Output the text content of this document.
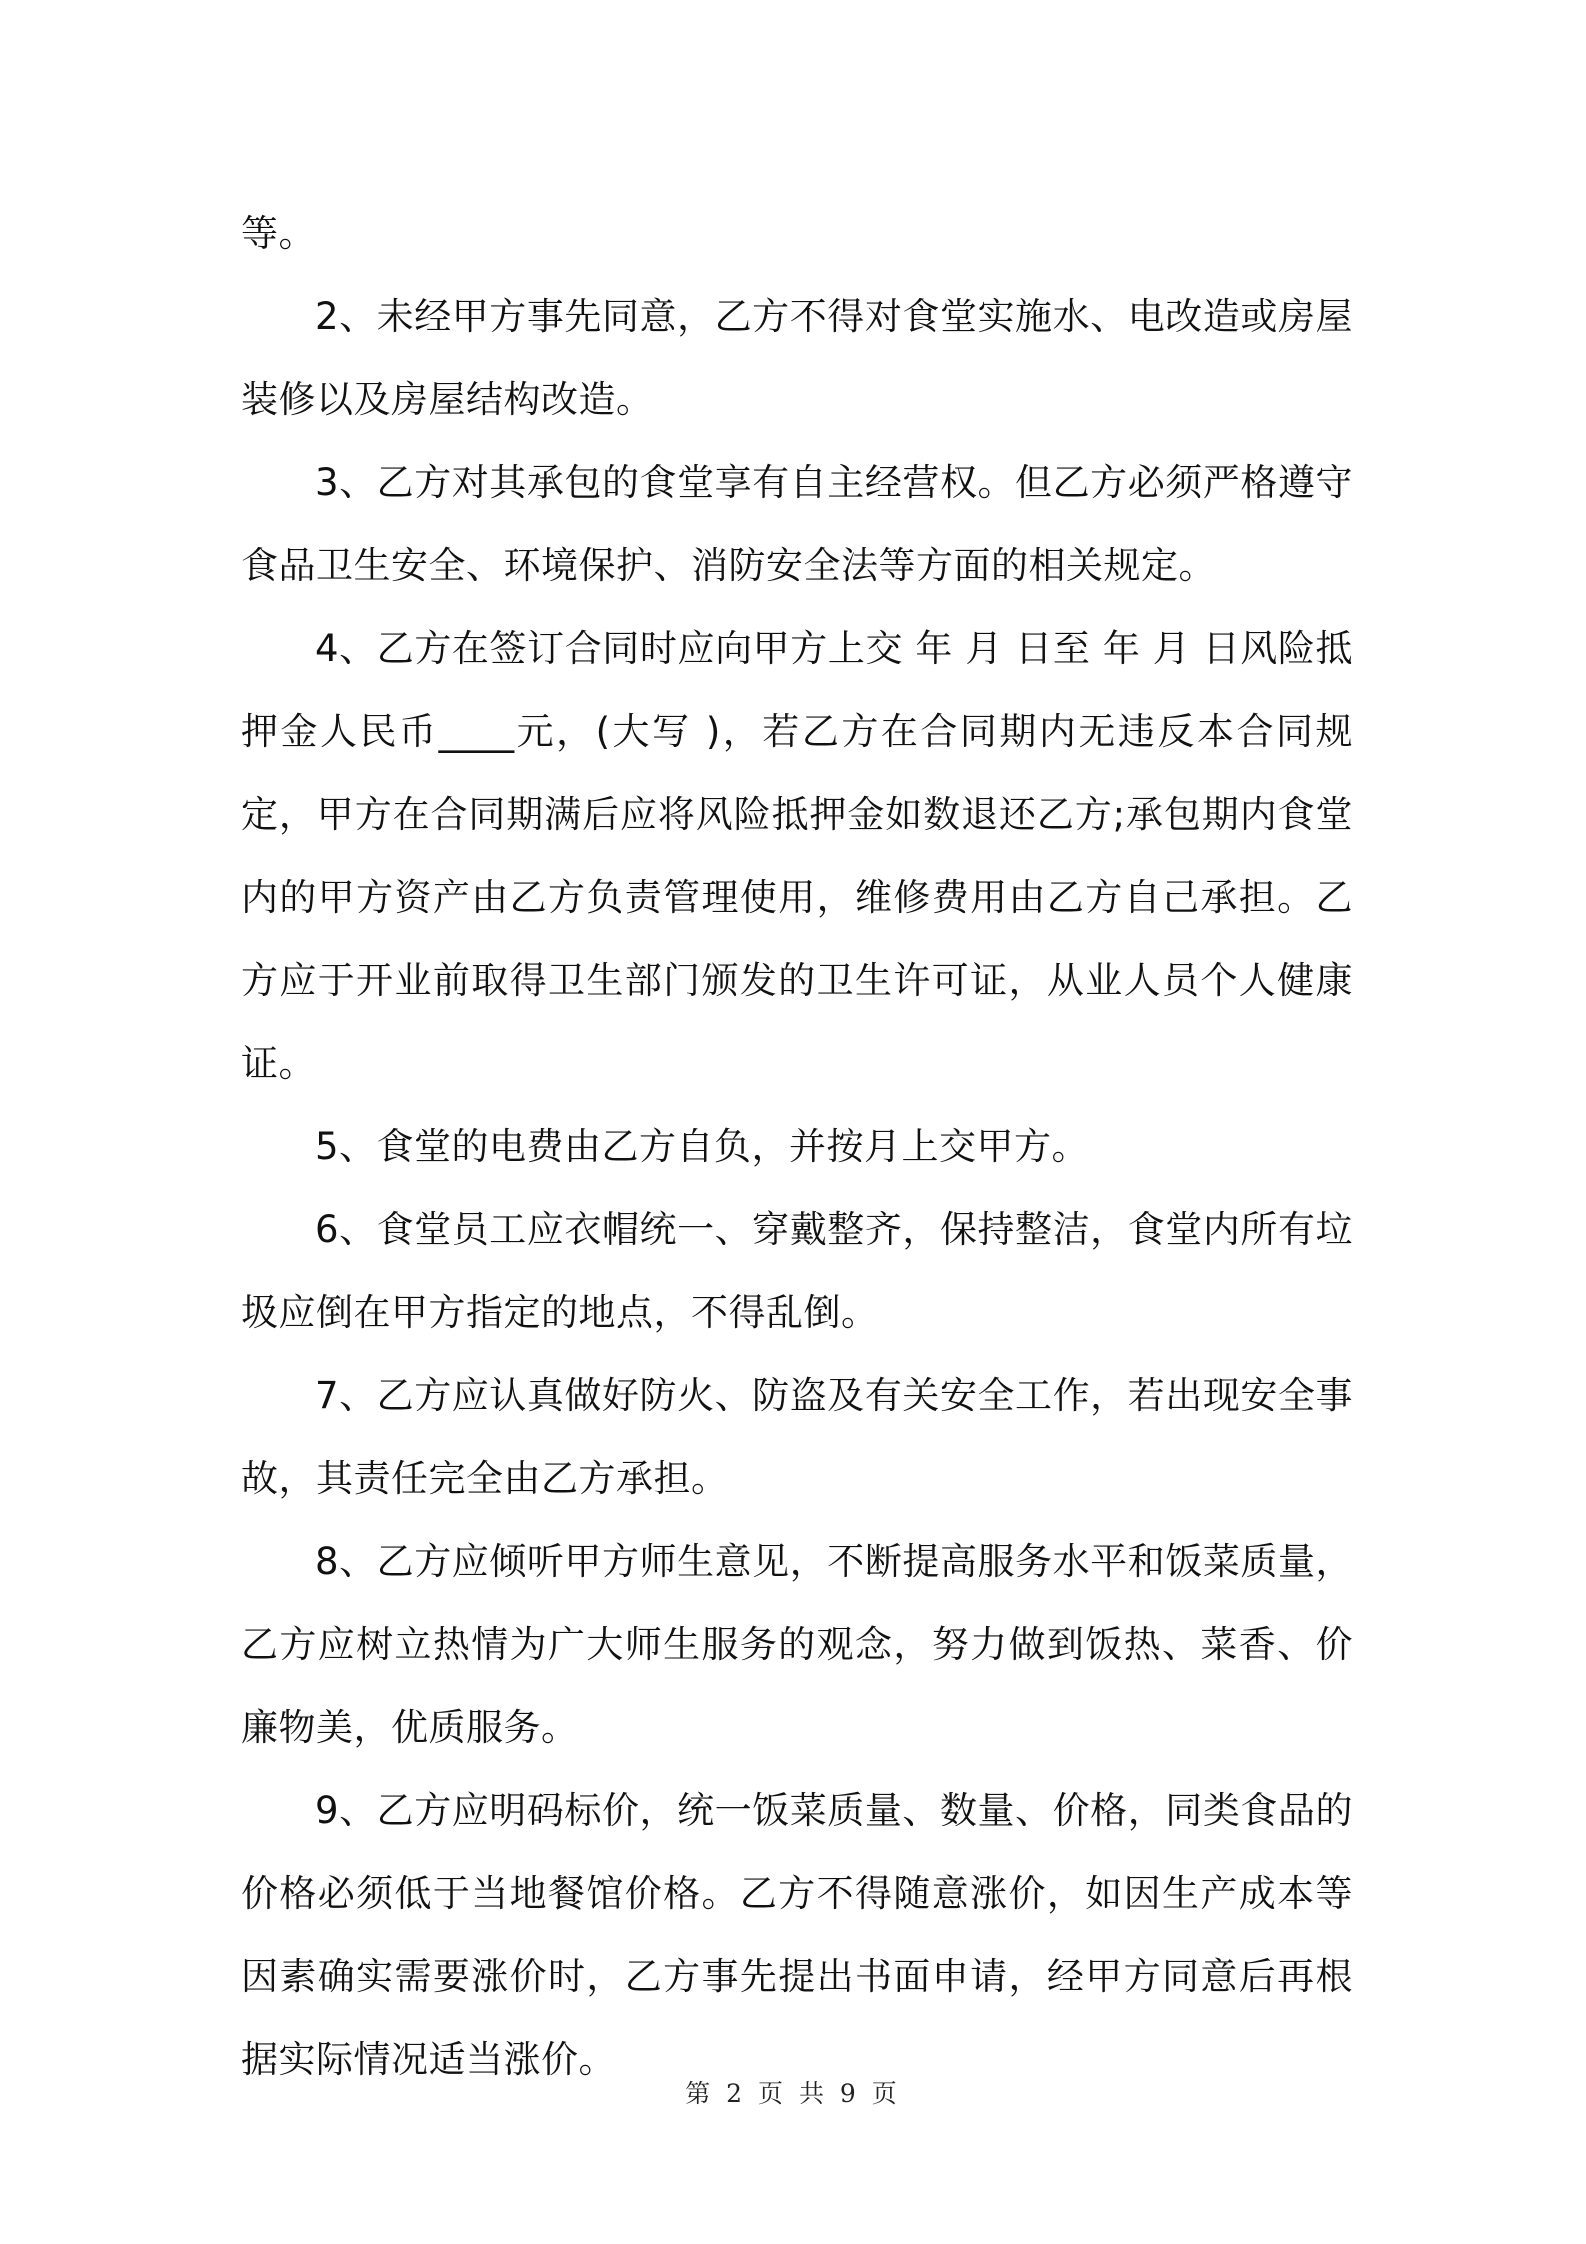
等。

2、未经甲方事先同意，乙方不得对食堂实施水、电改造或房屋装修以及房屋结构改造。

3、乙方对其承包的食堂享有自主经营权。但乙方必须严格遵守食品卫生安全、环境保护、消防安全法等方面的相关规定。

4、乙方在签订合同时应向甲方上交 年 月 日至 年 月 日风险抵押金人民币____元，(大写 )，若乙方在合同期内无违反本合同规定，甲方在合同期满后应将风险抵押金如数退还乙方;承包期内食堂内的甲方资产由乙方负责管理使用，维修费用由乙方自己承担。乙方应于开业前取得卫生部门颁发的卫生许可证，从业人员个人健康证。

5、食堂的电费由乙方自负，并按月上交甲方。

6、食堂员工应衣帽统一、穿戴整齐，保持整洁，食堂内所有垃圾应倒在甲方指定的地点，不得乱倒。

7、乙方应认真做好防火、防盗及有关安全工作，若出现安全事故，其责任完全由乙方承担。

8、乙方应倾听甲方师生意见，不断提高服务水平和饭菜质量，乙方应树立热情为广大师生服务的观念，努力做到饭热、菜香、价廉物美，优质服务。

9、乙方应明码标价，统一饭菜质量、数量、价格，同类食品的价格必须低于当地餐馆价格。乙方不得随意涨价，如因生产成本等因素确实需要涨价时，乙方事先提出书面申请，经甲方同意后再根据实际情况适当涨价。

第 2 页 共 9 页
